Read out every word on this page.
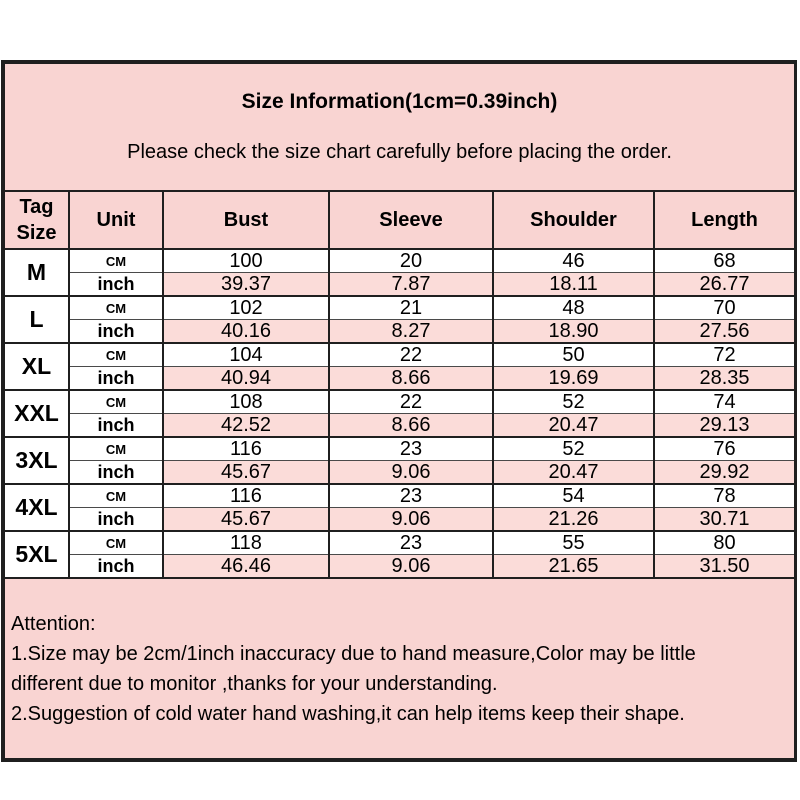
Size Information(1cm=0.39inch)
Please check the size chart carefully before placing the order.					

Tag Size	Unit	Bust	Sleeve	Shoulder	Length
M	CM	100	20	46	68
	inch	39.37	7.87	18.11	26.77
L	CM	102	21	48	70
	inch	40.16	8.27	18.90	27.56
XL	CM	104	22	50	72
	inch	40.94	8.66	19.69	28.35
XXL	CM	108	22	52	74
	inch	42.52	8.66	20.47	29.13
3XL	CM	116	23	52	76
	inch	45.67	9.06	20.47	29.92
4XL	CM	116	23	54	78
	inch	45.67	9.06	21.26	30.71
5XL	CM	118	23	55	80
	inch	46.46	9.06	21.65	31.50

Attention:
1.Size may be 2cm/1inch inaccuracy due to hand measure,Color may be little
different due to monitor ,thanks for your understanding.
2.Suggestion of cold water hand washing,it can help items keep their shape.					
